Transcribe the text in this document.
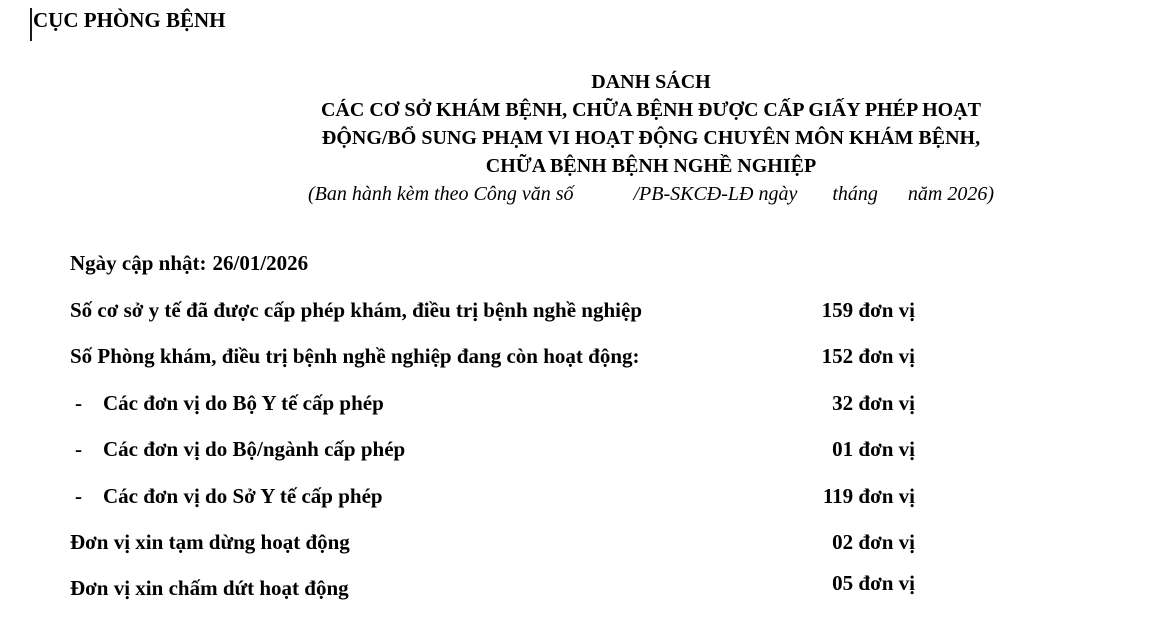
CỤC PHÒNG BỆNH
DANH SÁCH
CÁC CƠ SỞ KHÁM BỆNH, CHỮA BỆNH ĐƯỢC CẤP GIẤY PHÉP HOẠT
ĐỘNG/BỔ SUNG PHẠM VI HOẠT ĐỘNG CHUYÊN MÔN KHÁM BỆNH,
CHỮA BỆNH BỆNH NGHỀ NGHIỆP
(Ban hành kèm theo Công văn số            /PB-SKCĐ-LĐ ngày       tháng      năm 2026)
Ngày cập nhật: 26/01/2026
Số cơ sở y tế đã được cấp phép khám, điều trị bệnh nghề nghiệp	159 đơn vị
Số Phòng khám, điều trị bệnh nghề nghiệp đang còn hoạt động:	152 đơn vị
-	Các đơn vị do Bộ Y tế cấp phép	32 đơn vị
-	Các đơn vị do Bộ/ngành cấp phép	01 đơn vị
-	Các đơn vị do Sở Y tế cấp phép	119 đơn vị
Đơn vị xin tạm dừng hoạt động	02 đơn vị
Đơn vị xin chấm dứt hoạt động	05 đơn vị
